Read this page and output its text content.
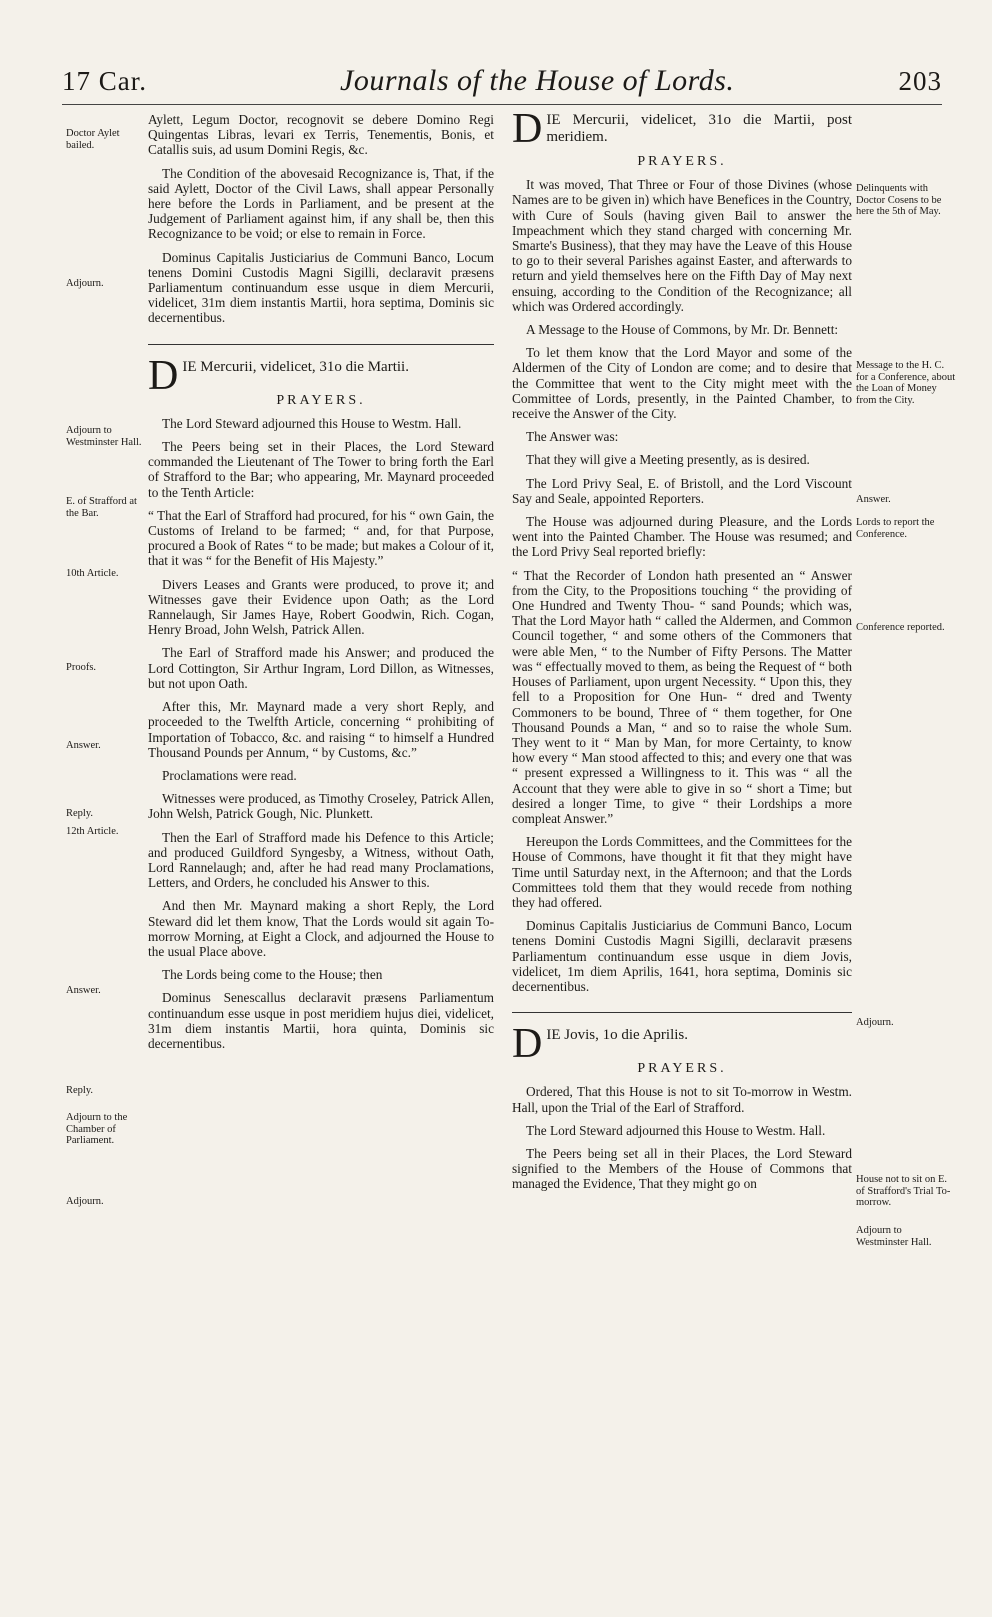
17 Car.	Journals of the House of Lords.	203
Doctor Aylet bailed.
Adjourn.
Adjourn to Westminster Hall.
E. of Strafford at the Bar.
10th Article.
Proofs.
Answer.
Reply.
12th Article.
Answer.
Reply.
Adjourn to the Chamber of Parliament.
Adjourn.
Delinquents with Doctor Cosens to be here the 5th of May.
Message to the H. C. for a Conference, about the Loan of Money from the City.
Answer.
Lords to report the Conference.
Conference reported.
Adjourn.
House not to sit on E. of Strafford's Trial To-morrow.
Adjourn to Westminster Hall.

Aylett, Legum Doctor, recognovit se debere Domino Regi Quingentas Libras, levari ex Terris, Tenementis, Bonis, et Catallis suis, ad usum Domini Regis, &c.

The Condition of the abovesaid Recognizance is, That, if the said Aylett, Doctor of the Civil Laws, shall appear Personally here before the Lords in Parliament, and be present at the Judgement of Parliament against him, if any shall be, then this Recognizance to be void; or else to remain in Force.

Dominus Capitalis Justiciarius de Communi Banco, Locum tenens Domini Custodis Magni Sigilli, declaravit præsens Parliamentum continuandum esse usque in diem Mercurii, videlicet, 31m diem instantis Martii, hora septima, Dominis sic decernentibus.

D IE Mercurii, videlicet, 31o die Martii.
PRAYERS.

The Lord Steward adjourned this House to Westm. Hall.

The Peers being set in their Places, the Lord Steward commanded the Lieutenant of The Tower to bring forth the Earl of Strafford to the Bar; who appearing, Mr. Maynard proceeded to the Tenth Article:

“ That the Earl of Strafford had procured, for his “ own Gain, the Customs of Ireland to be farmed; “ and, for that Purpose, procured a Book of Rates “ to be made; but makes a Colour of it, that it was “ for the Benefit of His Majesty.”

Divers Leases and Grants were produced, to prove it; and Witnesses gave their Evidence upon Oath; as the Lord Rannelaugh, Sir James Haye, Robert Goodwin, Rich. Cogan, Henry Broad, John Welsh, Patrick Allen.

The Earl of Strafford made his Answer; and produced the Lord Cottington, Sir Arthur Ingram, Lord Dillon, as Witnesses, but not upon Oath.

After this, Mr. Maynard made a very short Reply, and proceeded to the Twelfth Article, concerning “ prohibiting of Importation of Tobacco, &c. and raising “ to himself a Hundred Thousand Pounds per Annum, “ by Customs, &c.”

Proclamations were read.

Witnesses were produced, as Timothy Croseley, Patrick Allen, John Welsh, Patrick Gough, Nic. Plunkett.

Then the Earl of Strafford made his Defence to this Article; and produced Guildford Syngesby, a Witness, without Oath, Lord Rannelaugh; and, after he had read many Proclamations, Letters, and Orders, he concluded his Answer to this.

And then Mr. Maynard making a short Reply, the Lord Steward did let them know, That the Lords would sit again To-morrow Morning, at Eight a Clock, and adjourned the House to the usual Place above.

The Lords being come to the House; then

Dominus Senescallus declaravit præsens Parliamentum continuandum esse usque in post meridiem hujus diei, videlicet, 31m diem instantis Martii, hora quinta, Dominis sic decernentibus.

D IE Mercurii, videlicet, 31o die Martii, post meridiem.
PRAYERS.

It was moved, That Three or Four of those Divines (whose Names are to be given in) which have Benefices in the Country, with Cure of Souls (having given Bail to answer the Impeachment which they stand charged with concerning Mr. Smarte's Business), that they may have the Leave of this House to go to their several Parishes against Easter, and afterwards to return and yield themselves here on the Fifth Day of May next ensuing, according to the Condition of the Recognizance; all which was Ordered accordingly.

A Message to the House of Commons, by Mr. Dr. Bennett:

To let them know that the Lord Mayor and some of the Aldermen of the City of London are come; and to desire that the Committee that went to the City might meet with the Committee of Lords, presently, in the Painted Chamber, to receive the Answer of the City.

The Answer was:

That they will give a Meeting presently, as is desired.

The Lord Privy Seal, E. of Bristoll, and the Lord Viscount Say and Seale, appointed Reporters.

The House was adjourned during Pleasure, and the Lords went into the Painted Chamber. The House was resumed; and the Lord Privy Seal reported briefly:

“ That the Recorder of London hath presented an “ Answer from the City, to the Propositions touching “ the providing of One Hundred and Twenty Thou- “ sand Pounds; which was, That the Lord Mayor hath “ called the Aldermen, and Common Council together, “ and some others of the Commoners that were able Men, “ to the Number of Fifty Persons. The Matter was “ effectually moved to them, as being the Request of “ both Houses of Parliament, upon urgent Necessity. “ Upon this, they fell to a Proposition for One Hun- “ dred and Twenty Commoners to be bound, Three of “ them together, for One Thousand Pounds a Man, “ and so to raise the whole Sum. They went to it “ Man by Man, for more Certainty, to know how every “ Man stood affected to this; and every one that was “ present expressed a Willingness to it. This was “ all the Account that they were able to give in so “ short a Time; but desired a longer Time, to give “ their Lordships a more compleat Answer.”

Hereupon the Lords Committees, and the Committees for the House of Commons, have thought it fit that they might have Time until Saturday next, in the Afternoon; and that the Lords Committees told them that they would recede from nothing they had offered.

Dominus Capitalis Justiciarius de Communi Banco, Locum tenens Domini Custodis Magni Sigilli, declaravit præsens Parliamentum continuandum esse usque in diem Jovis, videlicet, 1m diem Aprilis, 1641, hora septima, Dominis sic decernentibus.

D IE Jovis, 1o die Aprilis.
PRAYERS.

Ordered, That this House is not to sit To-morrow in Westm. Hall, upon the Trial of the Earl of Strafford.

The Lord Steward adjourned this House to Westm. Hall.

The Peers being set all in their Places, the Lord Steward signified to the Members of the House of Commons that managed the Evidence, That they might go on
